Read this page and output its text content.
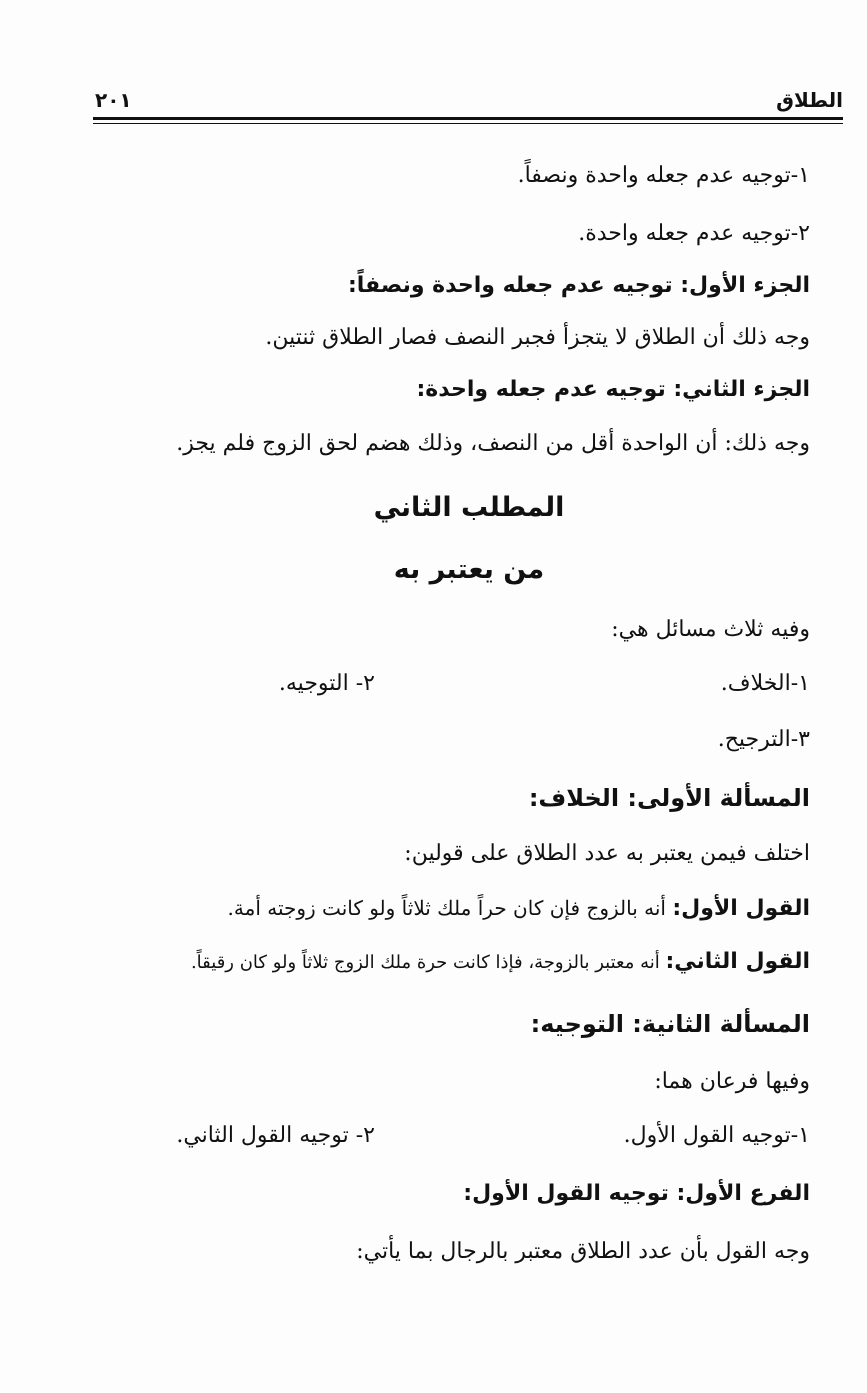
الطلاق
٢٠١
١-توجيه عدم جعله واحدة ونصفاً.
٢-توجيه عدم جعله واحدة.
الجزء الأول: توجيه عدم جعله واحدة ونصفاً:
وجه ذلك أن الطلاق لا يتجزأ فجبر النصف فصار الطلاق ثنتين.
الجزء الثاني: توجيه عدم جعله واحدة:
وجه ذلك: أن الواحدة أقل من النصف، وذلك هضم لحق الزوج فلم يجز.
المطلب الثاني
من يعتبر به
وفيه ثلاث مسائل هي:
١-الخلاف.
٢- التوجيه.
٣-الترجيح.
المسألة الأولى: الخلاف:
اختلف فيمن يعتبر به عدد الطلاق على قولين:
القول الأول: أنه بالزوج فإن كان حراً ملك ثلاثاً ولو كانت زوجته أمة.
القول الثاني: أنه معتبر بالزوجة، فإذا كانت حرة ملك الزوج ثلاثاً ولو كان رقيقاً.
المسألة الثانية: التوجيه:
وفيها فرعان هما:
١-توجيه القول الأول.
٢- توجيه القول الثاني.
الفرع الأول: توجيه القول الأول:
وجه القول بأن عدد الطلاق معتبر بالرجال بما يأتي:
